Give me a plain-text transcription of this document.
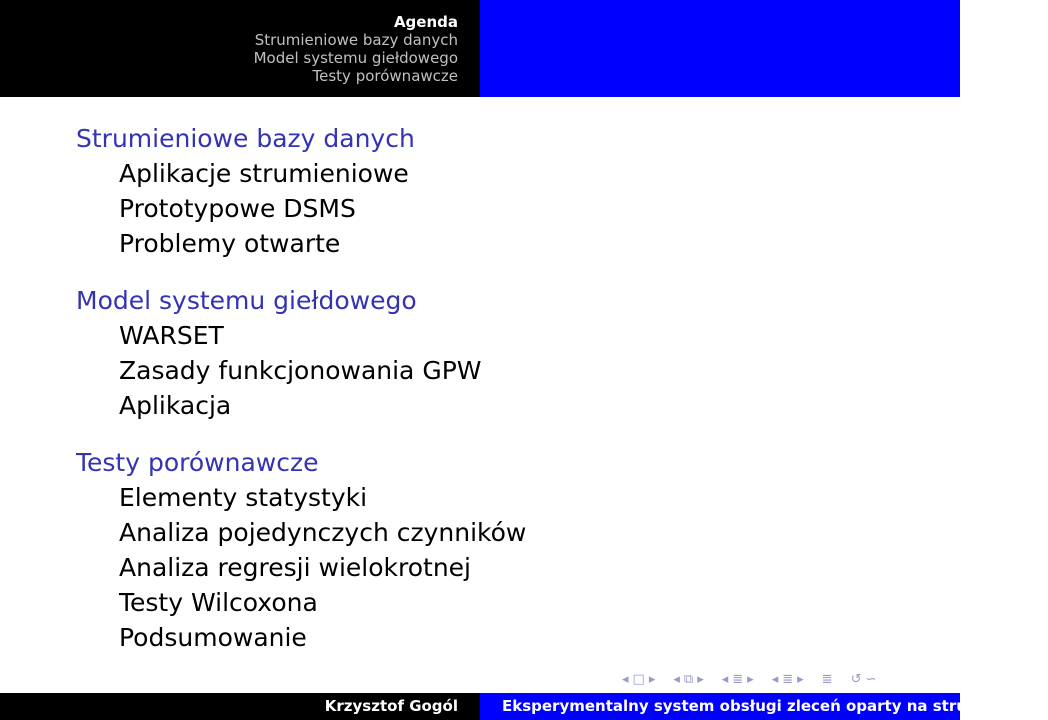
Agenda
Strumieniowe bazy danych
Model systemu giełdowego
Testy porównawcze
Strumieniowe bazy danych
Aplikacje strumieniowe
Prototypowe DSMS
Problemy otwarte
Model systemu giełdowego
WARSET
Zasady funkcjonowania GPW
Aplikacja
Testy porównawcze
Elementy statystyki
Analiza pojedynczych czynników
Analiza regresji wielokrotnej
Testy Wilcoxona
Podsumowanie
◂ □ ▸ ◂ ⧉ ▸ ◂ ≣ ▸ ◂ ≣ ▸ ≣ ↺ ∽
Krzysztof Gogól	Eksperymentalny system obsługi zleceń oparty na strumieniowy
